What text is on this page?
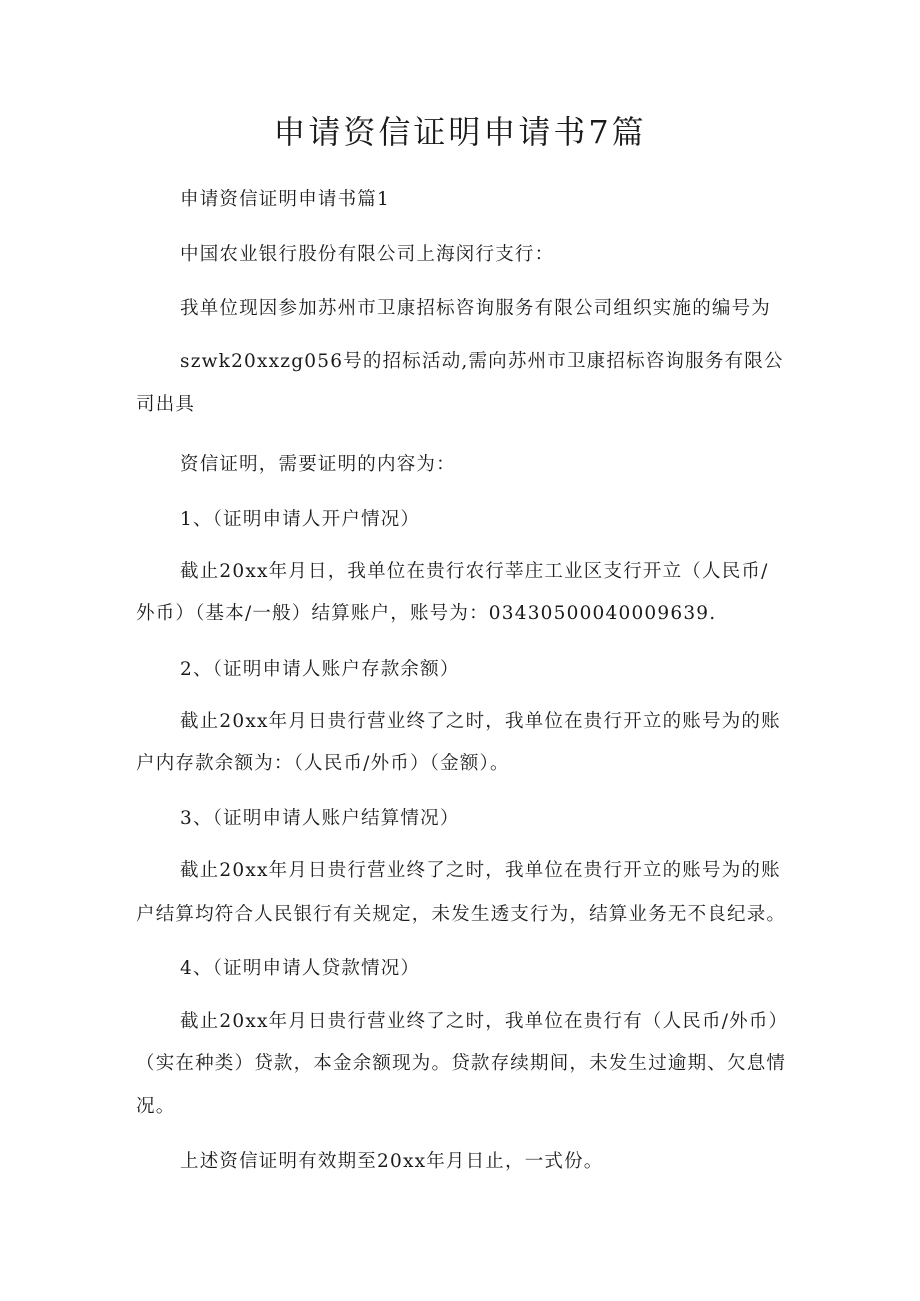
申请资信证明申请书7篇
申请资信证明申请书篇1
中国农业银行股份有限公司上海闵行支行：
我单位现因参加苏州市卫康招标咨询服务有限公司组织实施的编号为
szwk20xxzg056号的招标活动,需向苏州市卫康招标咨询服务有限公
司出具
资信证明，需要证明的内容为：
1、（证明申请人开户情况）
截止20xx年月日，我单位在贵行农行莘庄工业区支行开立（人民币/
外币）（基本/一般）结算账户，账号为：03430500040009639.
2、（证明申请人账户存款余额）
截止20xx年月日贵行营业终了之时，我单位在贵行开立的账号为的账
户内存款余额为：（人民币/外币）（金额）。
3、（证明申请人账户结算情况）
截止20xx年月日贵行营业终了之时，我单位在贵行开立的账号为的账
户结算均符合人民银行有关规定，未发生透支行为，结算业务无不良纪录。
4、（证明申请人贷款情况）
截止20xx年月日贵行营业终了之时，我单位在贵行有（人民币/外币）
（实在种类）贷款，本金余额现为。贷款存续期间，未发生过逾期、欠息情
况。
上述资信证明有效期至20xx年月日止，一式份。
